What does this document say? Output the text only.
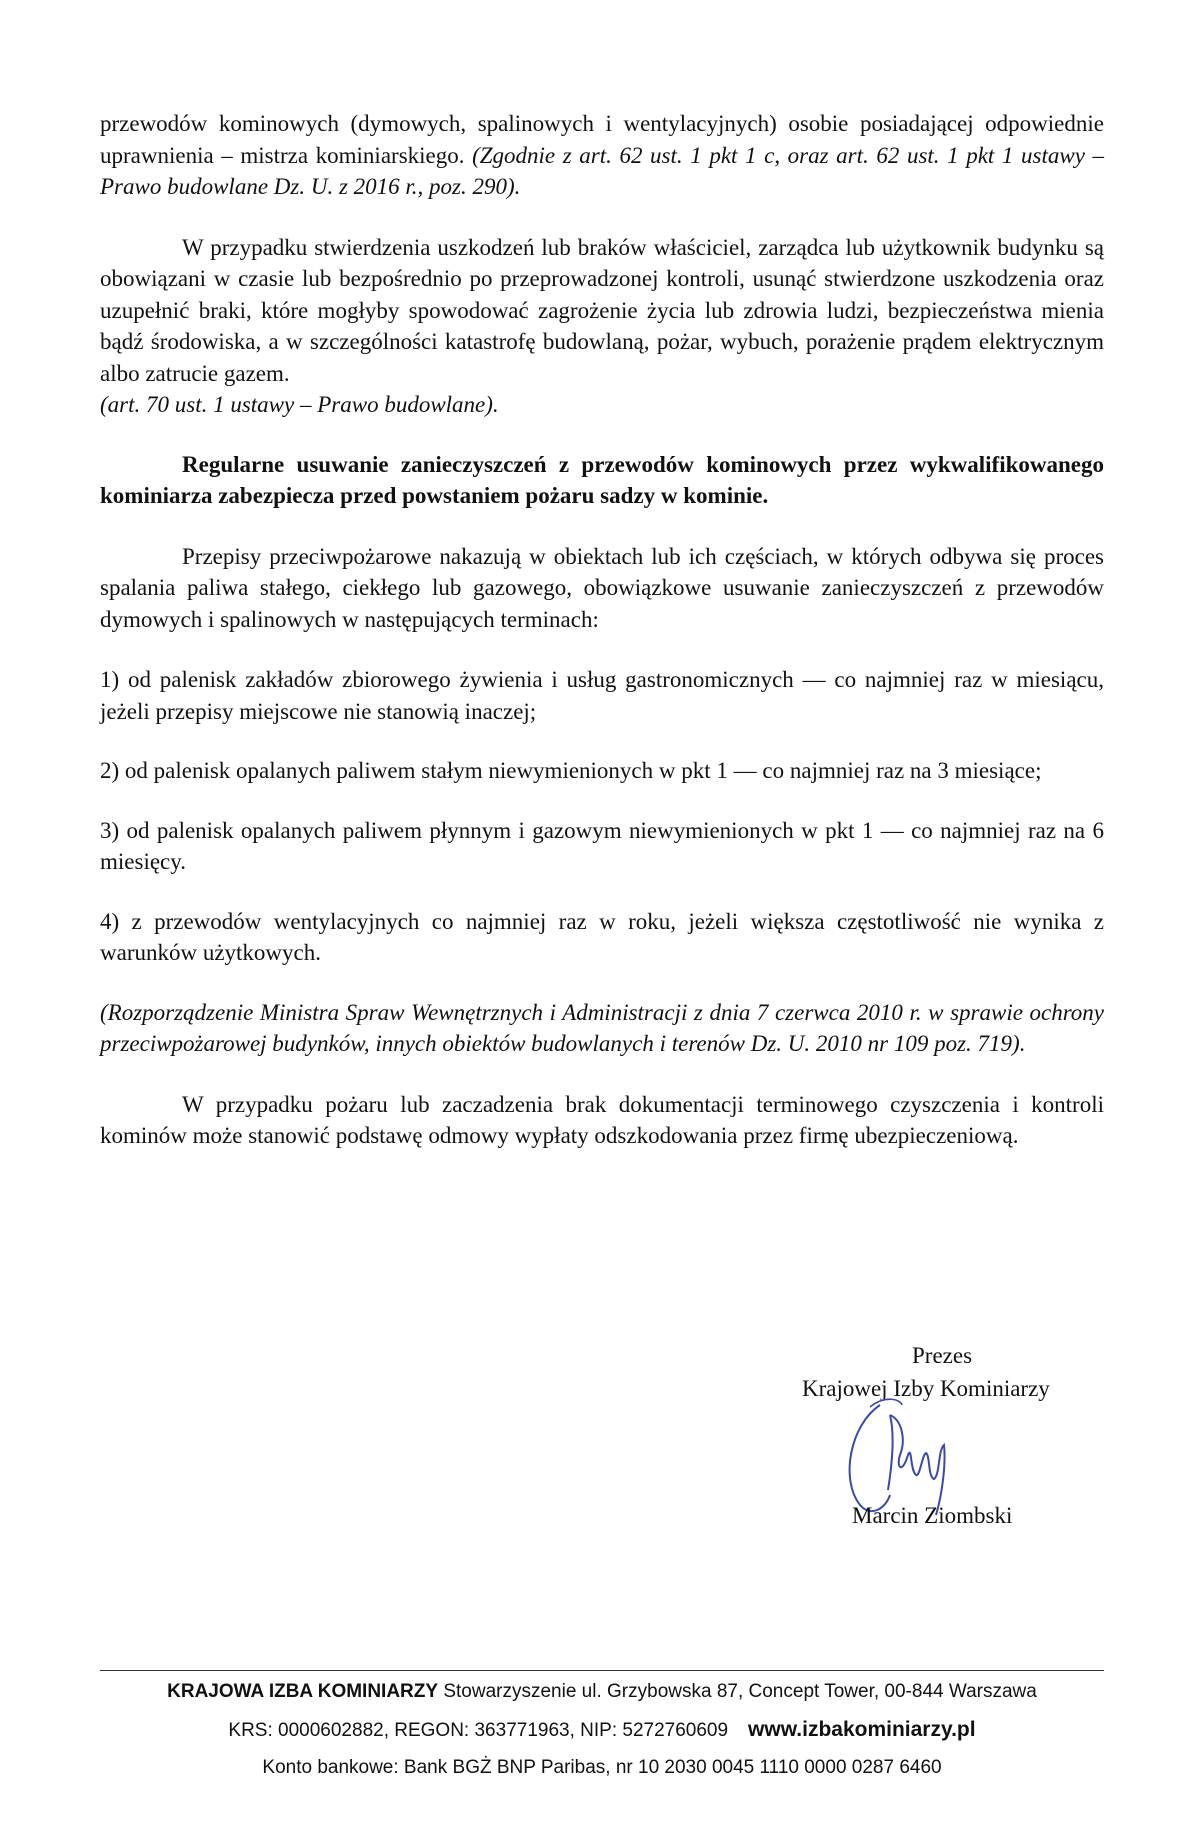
przewodów kominowych (dymowych, spalinowych i wentylacyjnych) osobie posiadającej odpowiednie uprawnienia – mistrza kominiarskiego. (Zgodnie z art. 62 ust. 1 pkt 1 c, oraz art. 62 ust. 1 pkt 1 ustawy – Prawo budowlane Dz. U. z 2016 r., poz. 290).

W przypadku stwierdzenia uszkodzeń lub braków właściciel, zarządca lub użytkownik budynku są obowiązani w czasie lub bezpośrednio po przeprowadzonej kontroli, usunąć stwierdzone uszkodzenia oraz uzupełnić braki, które mogłyby spowodować zagrożenie życia lub zdrowia ludzi, bezpieczeństwa mienia bądź środowiska, a w szczególności katastrofę budowlaną, pożar, wybuch, porażenie prądem elektrycznym albo zatrucie gazem.
(art. 70 ust. 1 ustawy – Prawo budowlane).

Regularne usuwanie zanieczyszczeń z przewodów kominowych przez wykwalifikowanego kominiarza zabezpiecza przed powstaniem pożaru sadzy w kominie.

Przepisy przeciwpożarowe nakazują w obiektach lub ich częściach, w których odbywa się proces spalania paliwa stałego, ciekłego lub gazowego, obowiązkowe usuwanie zanieczyszczeń z przewodów dymowych i spalinowych w następujących terminach:

1) od palenisk zakładów zbiorowego żywienia i usług gastronomicznych — co najmniej raz w miesiącu, jeżeli przepisy miejscowe nie stanowią inaczej;

2) od palenisk opalanych paliwem stałym niewymienionych w pkt 1 — co najmniej raz na 3 miesiące;

3) od palenisk opalanych paliwem płynnym i gazowym niewymienionych w pkt 1 — co najmniej raz na 6 miesięcy.

4) z przewodów wentylacyjnych co najmniej raz w roku, jeżeli większa częstotliwość nie wynika z warunków użytkowych.

(Rozporządzenie Ministra Spraw Wewnętrznych i Administracji z dnia 7 czerwca 2010 r. w sprawie ochrony przeciwpożarowej budynków, innych obiektów budowlanych i terenów Dz. U. 2010 nr 109 poz. 719).

W przypadku pożaru lub zaczadzenia brak dokumentacji terminowego czyszczenia i kontroli kominów może stanowić podstawę odmowy wypłaty odszkodowania przez firmę ubezpieczeniową.

Prezes
Krajowej Izby Kominiarzy
Marcin Ziombski
KRAJOWA IZBA KOMINIARZY Stowarzyszenie ul. Grzybowska 87, Concept Tower, 00-844 Warszawa
KRS: 0000602882, REGON: 363771963, NIP: 5272760609 www.izbakominiarzy.pl
Konto bankowe: Bank BGŻ BNP Paribas, nr 10 2030 0045 1110 0000 0287 6460
